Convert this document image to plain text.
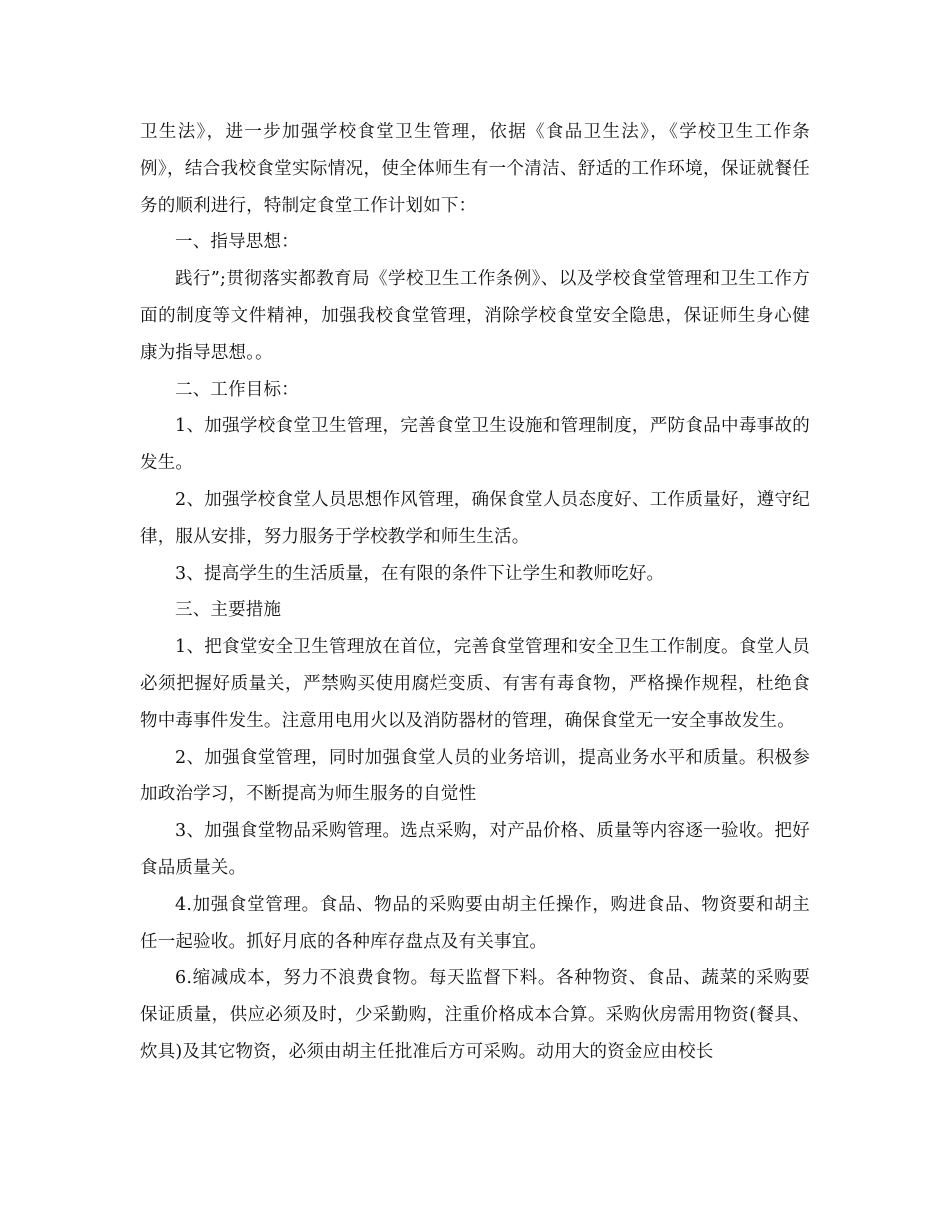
卫生法》，进一步加强学校食堂卫生管理，依据《食品卫生法》，《学校卫生工作条例》，结合我校食堂实际情况，使全体师生有一个清洁、舒适的工作环境，保证就餐任务的顺利进行，特制定食堂工作计划如下：

一、指导思想：

践行”;贯彻落实都教育局《学校卫生工作条例》、以及学校食堂管理和卫生工作方面的制度等文件精神，加强我校食堂管理，消除学校食堂安全隐患，保证师生身心健康为指导思想。。

二、工作目标：

1、加强学校食堂卫生管理，完善食堂卫生设施和管理制度，严防食品中毒事故的发生。

2、加强学校食堂人员思想作风管理，确保食堂人员态度好、工作质量好，遵守纪律，服从安排，努力服务于学校教学和师生生活。

3、提高学生的生活质量，在有限的条件下让学生和教师吃好。

三、主要措施

1、把食堂安全卫生管理放在首位，完善食堂管理和安全卫生工作制度。食堂人员必须把握好质量关，严禁购买使用腐烂变质、有害有毒食物，严格操作规程，杜绝食物中毒事件发生。注意用电用火以及消防器材的管理，确保食堂无一安全事故发生。

2、加强食堂管理，同时加强食堂人员的业务培训，提高业务水平和质量。积极参加政治学习，不断提高为师生服务的自觉性

3、加强食堂物品采购管理。选点采购，对产品价格、质量等内容逐一验收。把好食品质量关。

4.加强食堂管理。食品、物品的采购要由胡主任操作，购进食品、物资要和胡主任一起验收。抓好月底的各种库存盘点及有关事宜。

6.缩减成本，努力不浪费食物。每天监督下料。各种物资、食品、蔬菜的采购要保证质量，供应必须及时，少采勤购，注重价格成本合算。采购伙房需用物资(餐具、炊具)及其它物资，必须由胡主任批准后方可采购。动用大的资金应由校长
